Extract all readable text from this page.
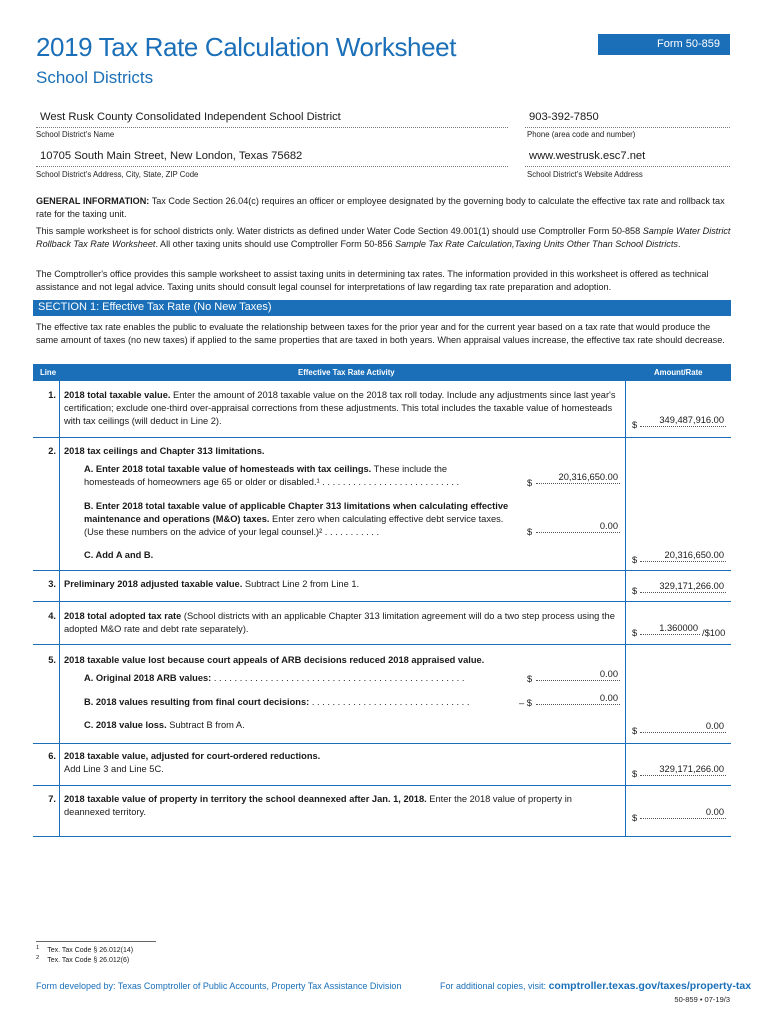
2019 Tax Rate Calculation Worksheet
School Districts
Form 50-859
West Rusk County Consolidated Independent School District
School District's Name
903-392-7850
Phone (area code and number)
10705 South Main Street, New London, Texas 75682
School District's Address, City, State, ZIP Code
www.westrusk.esc7.net
School District's Website Address
GENERAL INFORMATION: Tax Code Section 26.04(c) requires an officer or employee designated by the governing body to calculate the effective tax rate and rollback tax rate for the taxing unit.
This sample worksheet is for school districts only. Water districts as defined under Water Code Section 49.001(1) should use Comptroller Form 50-858 Sample Water District Rollback Tax Rate Worksheet. All other taxing units should use Comptroller Form 50-856 Sample Tax Rate Calculation,Taxing Units Other Than School Districts.
The Comptroller's office provides this sample worksheet to assist taxing units in determining tax rates. The information provided in this worksheet is offered as technical assistance and not legal advice. Taxing units should consult legal counsel for interpretations of law regarding tax rate preparation and adoption.
SECTION 1: Effective Tax Rate (No New Taxes)
The effective tax rate enables the public to evaluate the relationship between taxes for the prior year and for the current year based on a tax rate that would produce the same amount of taxes (no new taxes) if applied to the same properties that are taxed in both years. When appraisal values increase, the effective tax rate should decrease.
Line	Effective Tax Rate Activity	Amount/Rate
1. 2018 total taxable value. Enter the amount of 2018 taxable value on the 2018 tax roll today. Include any adjustments since last year's certification; exclude one-third over-appraisal corrections from these adjustments. This total includes the taxable value of homesteads with tax ceilings (will deduct in Line 2).	$	349,487,916.00
2. 2018 tax ceilings and Chapter 313 limitations.
A. Enter 2018 total taxable value of homesteads with tax ceilings. These include the homesteads of homeowners age 65 or older or disabled.¹ . . . . . . . . . . . . . . . . . . . . . . . . . . .	$
20,316,650.00
B. Enter 2018 total taxable value of applicable Chapter 313 limitations when calculating effective maintenance and operations (M&O) taxes. Enter zero when calculating effective debt service taxes. (Use these numbers on the advice of your legal counsel.)² . . . . . . . . . . .	$
0.00
C. Add A and B.	$	20,316,650.00
3. Preliminary 2018 adjusted taxable value. Subtract Line 2 from Line 1.
$	329,171,266.00
4. 2018 total adopted tax rate (School districts with an applicable Chapter 313 limitation agreement will do a two step process using the adopted M&O rate and debt rate separately).	$	1.360000 /$100
5. 2018 taxable value lost because court appeals of ARB decisions reduced 2018 appraised value.
A. Original 2018 ARB values: . . . . . . . . . . . . . . . . . . . . . . . . . . . . . . . . . . . . . . . . . . . . . . . . .	$	0.00
B. 2018 values resulting from final court decisions: . . . . . . . . . . . . . . . . . . . . . . . . . . . . . . .	– $	0.00
C. 2018 value loss. Subtract B from A.
$	0.00
6. 2018 taxable value, adjusted for court-ordered reductions.
Add Line 3 and Line 5C.
$	329,171,266.00
7. 2018 taxable value of property in territory the school deannexed after Jan. 1, 2018. Enter the 2018 value of property in deannexed territory.
$
0.00
$^1$ Tex. Tax Code § 26.012(14)
$^2$ Tex. Tax Code § 26.012(6)
Form developed by: Texas Comptroller of Public Accounts, Property Tax Assistance Division	For additional copies, visit: comptroller.texas.gov/taxes/property-tax
50-859 • 07-19/3
